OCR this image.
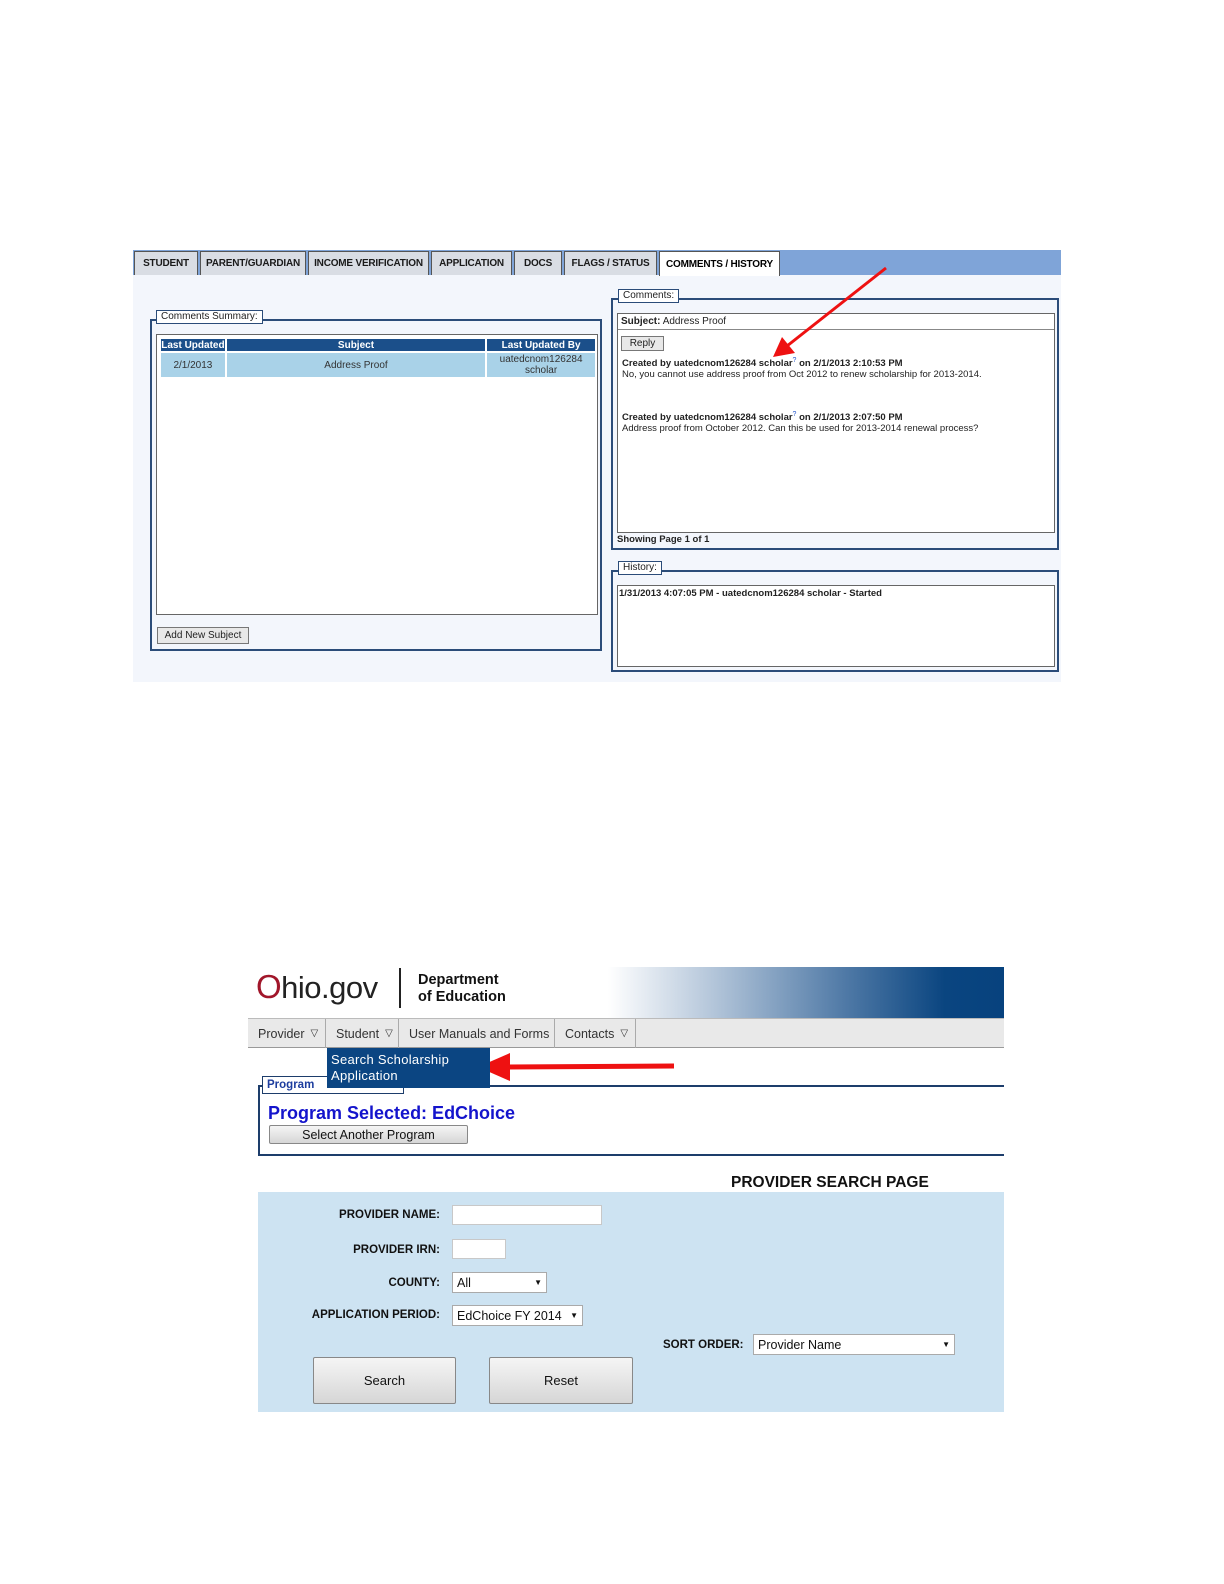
STUDENT	PARENT/GUARDIAN	INCOME VERIFICATION	APPLICATION	DOCS	FLAGS / STATUS	COMMENTS / HISTORY
Last Updated	Subject	Last Updated By
2/1/2013	Address Proof	uatedcnom126284
scholar
Add New Subject
Comments Summary:	Subject: Address Proof
Reply
Created by uatedcnom126284 scholar? on 2/1/2013 2:10:53 PM
No, you cannot use address proof from Oct 2012 to renew scholarship for 2013-2014.
Created by uatedcnom126284 scholar? on 2/1/2013 2:07:50 PM
Address proof from October 2012. Can this be used for 2013-2014 renewal process?
Showing Page 1 of 1
Comments:
1/31/2013 4:07:05 PM - uatedcnom126284 scholar - Started
History:
Ohio.gov	Department
of Education
Provider ▽ Student ▽ User Manuals and Forms Contacts ▽
Program
Program Selected: EdChoice
Select Another Program
Search Scholarship
Application
PROVIDER SEARCH PAGE
PROVIDER NAME:
PROVIDER IRN:
COUNTY: All	▼
APPLICATION PERIOD: EdChoice FY 2014 ▼
SORT ORDER: Provider Name	▼
Search	Reset
